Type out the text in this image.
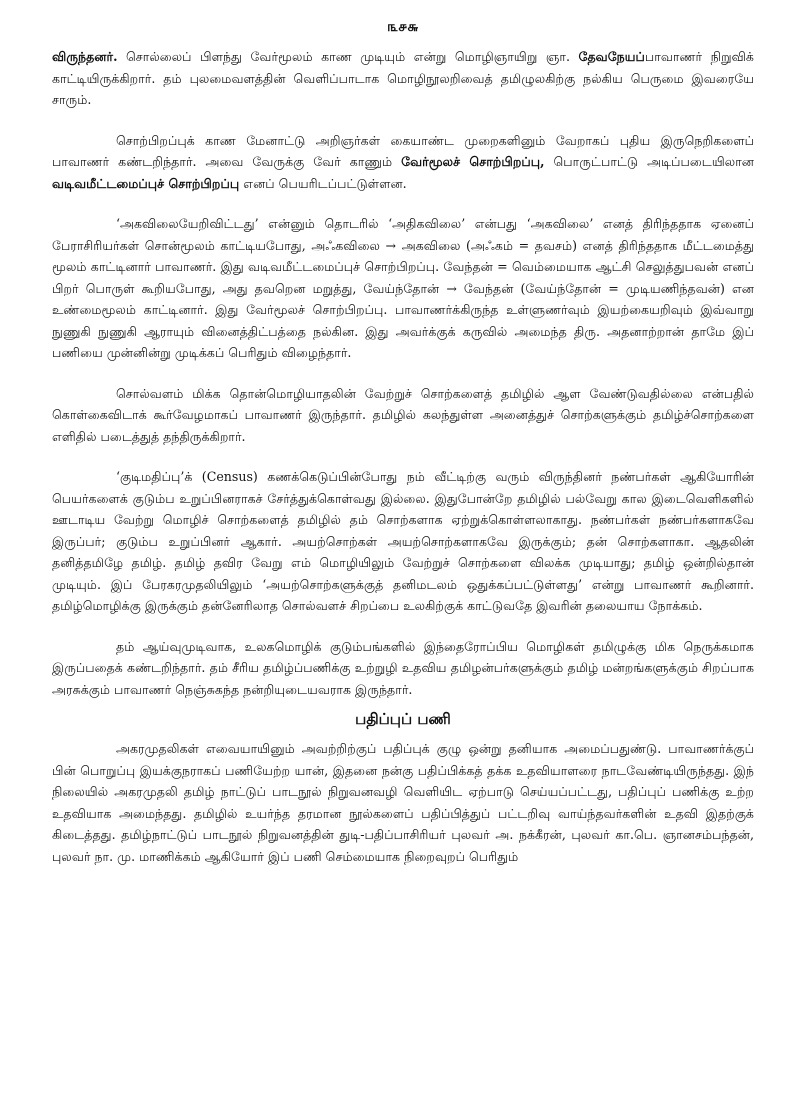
௩௪௬

விருந்தனர். சொல்லைப் பிளந்து வேர்மூலம் காண முடியும் என்று மொழிஞாயிறு ஞா. தேவநேயப்பாவாணர் நிறுவிக் காட்டியிருக்கிறார். தம் புலமைவளத்தின் வெளிப்பாடாக மொழிநூலறிவைத் தமிழுலகிற்கு நல்கிய பெருமை இவரையே சாரும்.

சொற்பிறப்புக் காண மேனாட்டு அறிஞர்கள் கையாண்ட முறைகளினும் வேறாகப் புதிய இருநெறிகளைப் பாவாணர் கண்டறிந்தார். அவை வேருக்கு வேர் காணும் வேர்மூலச் சொற்பிறப்பு, பொருட்பாட்டு அடிப்படையிலான வடிவமீட்டமைப்புச் சொற்பிறப்பு எனப் பெயரிடப்பட்டுள்ளன.

‘அகவிலையேறிவிட்டது’ என்னும் தொடரில் ‘அதிகவிலை’ என்பது ‘அகவிலை’ எனத் திரிந்ததாக ஏனைப் பேராசிரியர்கள் சொன்மூலம் காட்டியபோது, அஃகவிலை → அகவிலை (அஃகம் = தவசம்) எனத் திரிந்ததாக மீட்டமைத்து மூலம் காட்டினார் பாவாணர். இது வடிவமீட்டமைப்புச் சொற்பிறப்பு. வேந்தன் = வெம்மையாக ஆட்சி செலுத்துபவன் எனப் பிறர் பொருள் கூறியபோது, அது தவறென மறுத்து, வேய்ந்தோன் → வேந்தன் (வேய்ந்தோன் = முடியணிந்தவன்) என உண்மைமூலம் காட்டினார். இது வேர்மூலச் சொற்பிறப்பு. பாவாணர்க்கிருந்த உள்ளுணர்வும் இயற்கையறிவும் இவ்வாறு நுணுகி நுணுகி ஆராயும் வினைத்திட்பத்தை நல்கின. இது அவர்க்குக் கருவில் அமைந்த திரு. அதனாற்றான் தாமே இப் பணியை முன்னின்று முடிக்கப் பெரிதும் விழைந்தார்.

சொல்வளம் மிக்க தொன்மொழியாதலின் வேற்றுச் சொற்களைத் தமிழில் ஆள வேண்டுவதில்லை என்பதில் கொள்கைவிடாக் கூர்வேழமாகப் பாவாணர் இருந்தார். தமிழில் கலந்துள்ள அனைத்துச் சொற்களுக்கும் தமிழ்ச்சொற்களை எளிதில் படைத்துத் தந்திருக்கிறார்.

‘குடிமதிப்பு’க் (Census) கணக்கெடுப்பின்போது நம் வீட்டிற்கு வரும் விருந்தினர் நண்பர்கள் ஆகியோரின் பெயர்களைக் குடும்ப உறுப்பினராகச் சேர்த்துக்கொள்வது இல்லை. இதுபோன்றே தமிழில் பல்வேறு கால இடைவெளிகளில் ஊடாடிய வேற்று மொழிச் சொற்களைத் தமிழில் தம் சொற்களாக ஏற்றுக்கொள்ளலாகாது. நண்பர்கள் நண்பர்களாகவே இருப்பர்; குடும்ப உறுப்பினர் ஆகார். அயற்சொற்கள் அயற்சொற்களாகவே இருக்கும்; தன் சொற்களாகா. ஆதலின் தனித்தமிழே தமிழ். தமிழ் தவிர வேறு எம் மொழியிலும் வேற்றுச் சொற்களை விலக்க முடியாது; தமிழ் ஒன்றில்தான் முடியும். இப் பேரகரமுதலியிலும் ‘அயற்சொற்களுக்குத் தனிமடலம் ஒதுக்கப்பட்டுள்ளது’ என்று பாவாணர் கூறினார். தமிழ்மொழிக்கு இருக்கும் தன்னேரிலாத சொல்வளச் சிறப்பை உலகிற்குக் காட்டுவதே இவரின் தலையாய நோக்கம்.

தம் ஆய்வுமுடிவாக, உலகமொழிக் குடும்பங்களில் இந்தைரோப்பிய மொழிகள் தமிழுக்கு மிக நெருக்கமாக இருப்பதைக் கண்டறிந்தார். தம் சீரிய தமிழ்ப்பணிக்கு உற்றுழி உதவிய தமிழன்பர்களுக்கும் தமிழ் மன்றங்களுக்கும் சிறப்பாக அரசுக்கும் பாவாணர் நெஞ்சுகந்த நன்றியுடையவராக இருந்தார்.

பதிப்புப் பணி

அகரமுதலிகள் எவையாயினும் அவற்றிற்குப் பதிப்புக் குழு ஒன்று தனியாக அமைப்பதுண்டு. பாவாணர்க்குப் பின் பொறுப்பு இயக்குநராகப் பணியேற்ற யான், இதனை நன்கு பதிப்பிக்கத் தக்க உதவியாளரை நாடவேண்டியிருந்தது. இந் நிலையில் அகரமுதலி தமிழ் நாட்டுப் பாடநூல் நிறுவனவழி வெளியிட ஏற்பாடு செய்யப்பட்டது, பதிப்புப் பணிக்கு உற்ற உதவியாக அமைந்தது. தமிழில் உயர்ந்த தரமான நூல்களைப் பதிப்பித்துப் பட்டறிவு வாய்ந்தவர்களின் உதவி இதற்குக் கிடைத்தது. தமிழ்நாட்டுப் பாடநூல் நிறுவனத்தின் துடி-பதிப்பாசிரியர் புலவர் அ. நக்கீரன், புலவர் கா.பெ. ஞானசம்பந்தன், புலவர் நா. மு. மாணிக்கம் ஆகியோர் இப் பணி செம்மையாக நிறைவுறப் பெரிதும்
